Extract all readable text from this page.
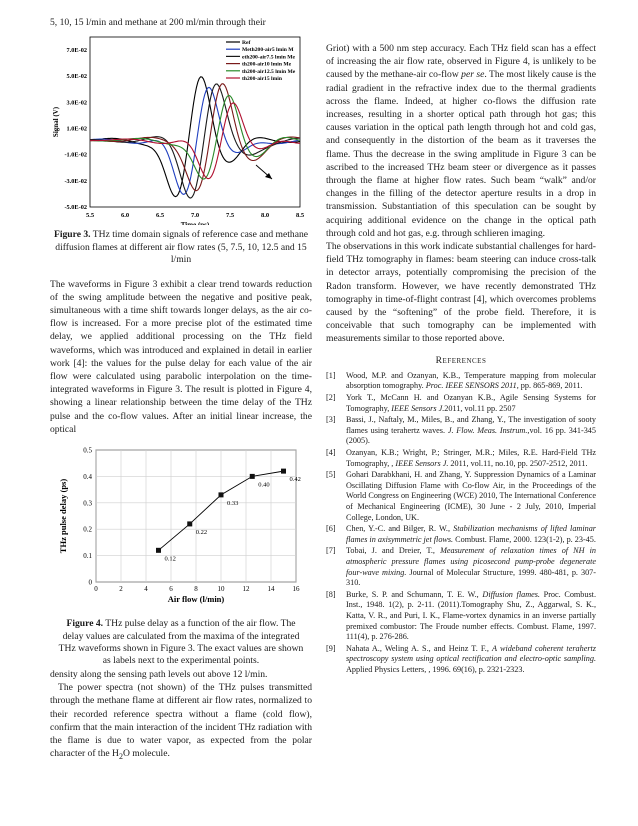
5, 10, 15 l/min and methane at 200 ml/min through their

5.5	6.0	6.5	7.0	7.5	8.0	8.5
-5.0E-02
-3.0E-02
-1.0E-02
1.0E-02
3.0E-02
5.0E-02
7.0E-02
Time (ps)
Signal (V)
Ref
Meth200-air5 lmin M
eth200-air7.5 lmin Me
th200-air10 lmin Me
th200-air12.5 lmin Me
th200-air15 lmin

Figure 3. THz time domain signals of reference case and methane diffusion flames at different air flow rates (5, 7.5, 10, 12.5 and 15 l/min

The waveforms in Figure 3 exhibit a clear trend towards reduction of the swing amplitude between the negative and positive peak, simultaneous with a time shift towards longer delays, as the air co-flow is increased. For a more precise plot of the estimated time delay, we applied additional processing on the THz field waveforms, which was introduced and explained in detail in earlier work [4]: the values for the pulse delay for each value of the air flow were calculated using parabolic interpolation on the time-integrated waveforms in Figure 3. The result is plotted in Figure 4, showing a linear relationship between the time delay of the THz pulse and the co-flow values. After an initial linear increase, the optical

0	2	4	6	8	10	12	14	16
0
0.1
0.2
0.3
0.4
0.5
Air flow (l/min)
THz pulse delay (ps)
0.12
0.22
0.33
0.40
0.42

Figure 4. THz pulse delay as a function of the air flow. The delay values are calculated from the maxima of the integrated THz waveforms shown in Figure 3. The exact values are shown as labels next to the experimental points.

density along the sensing path levels out above 12 l/min.

The power spectra (not shown) of the THz pulses transmitted through the methane flame at different air flow rates, normalized to their recorded reference spectra without a flame (cold flow), confirm that the main interaction of the incident THz radiation with the flame is due to water vapor, as expected from the polar character of the $H_2O$ molecule.

Griot) with a 500 nm step accuracy. Each THz field scan has a effect of increasing the air flow rate, observed in Figure 4, is unlikely to be caused by the methane-air co-flow per se. The most likely cause is the radial gradient in the refractive index due to the thermal gradients across the flame. Indeed, at higher co-flows the diffusion rate increases, resulting in a shorter optical path through hot gas; this causes variation in the optical path length through hot and cold gas, and consequently in the distortion of the beam as it traverses the flame. Thus the decrease in the swing amplitude in Figure 3 can be ascribed to the increased THz beam steer or divergence as it passes through the flame at higher flow rates. Such beam “walk” and/or changes in the filling of the detector aperture results in a drop in transmission. Substantiation of this speculation can be sought by acquiring additional evidence on the change in the optical path through cold and hot gas, e.g. through schlieren imaging.

The observations in this work indicate substantial challenges for hard-field THz tomography in flames: beam steering can induce cross-talk in detector arrays, potentially compromising the precision of the Radon transform. However, we have recently demonstrated THz tomography in time-of-flight contrast [4], which overcomes problems caused by the “softening” of the probe field. Therefore, it is conceivable that such tomography can be implemented with measurements similar to those reported above.

References
[1]	Wood, M.P. and Ozanyan, K.B., Temperature mapping from molecular absorption tomography. Proc. IEEE SENSORS 2011, pp. 865-869, 2011.
[2]	York T., McCann H. and Ozanyan K.B., Agile Sensing Systems for Tomography, IEEE Sensors J.2011, vol.11 pp. 2507
[3]	Bassi, J., Naftaly, M., Miles, B., and Zhang, Y., The investigation of sooty flames using terahertz waves. J. Flow. Meas. Instrum.,vol. 16 pp. 341-345 (2005).
[4]	Ozanyan, K.B.; Wright, P.; Stringer, M.R.; Miles, R.E. Hard-Field THz Tomography, , IEEE Sensors J. 2011, vol.11, no.10, pp. 2507-2512, 2011.
[5]	Gohari Darabkhani, H. and Zhang, Y. Suppression Dynamics of a Laminar Oscillating Diffusion Flame with Co-flow Air, in the Proceedings of the World Congress on Engineering (WCE) 2010, The International Conference of Mechanical Engineering (ICME), 30 June - 2 July, 2010, Imperial College, London, UK.
[6]	Chen, Y.-C. and Bilger, R. W., Stabilization mechanisms of lifted laminar flames in axisymmetric jet flows. Combust. Flame, 2000. 123(1-2), p. 23-45.
[7]	Tobai, J. and Dreier, T., Measurement of relaxation times of NH in atmospheric pressure flames using picosecond pump-probe degenerate four-wave mixing. Journal of Molecular Structure, 1999. 480-481, p. 307-310.
[8]	Burke, S. P. and Schumann, T. E. W., Diffusion flames. Proc. Combust. Inst., 1948. 1(2), p. 2-11. (2011).Tomography Shu, Z., Aggarwal, S. K., Katta, V. R., and Puri, I. K., Flame-vortex dynamics in an inverse partially premixed combustor: The Froude number effects. Combust. Flame, 1997. 111(4), p. 276-286.
[9]	Nahata A., Weling A. S., and Heinz T. F., A wideband coherent terahertz spectroscopy system using optical rectification and electro-optic sampling. Applied Physics Letters, , 1996. 69(16), p. 2321-2323.
